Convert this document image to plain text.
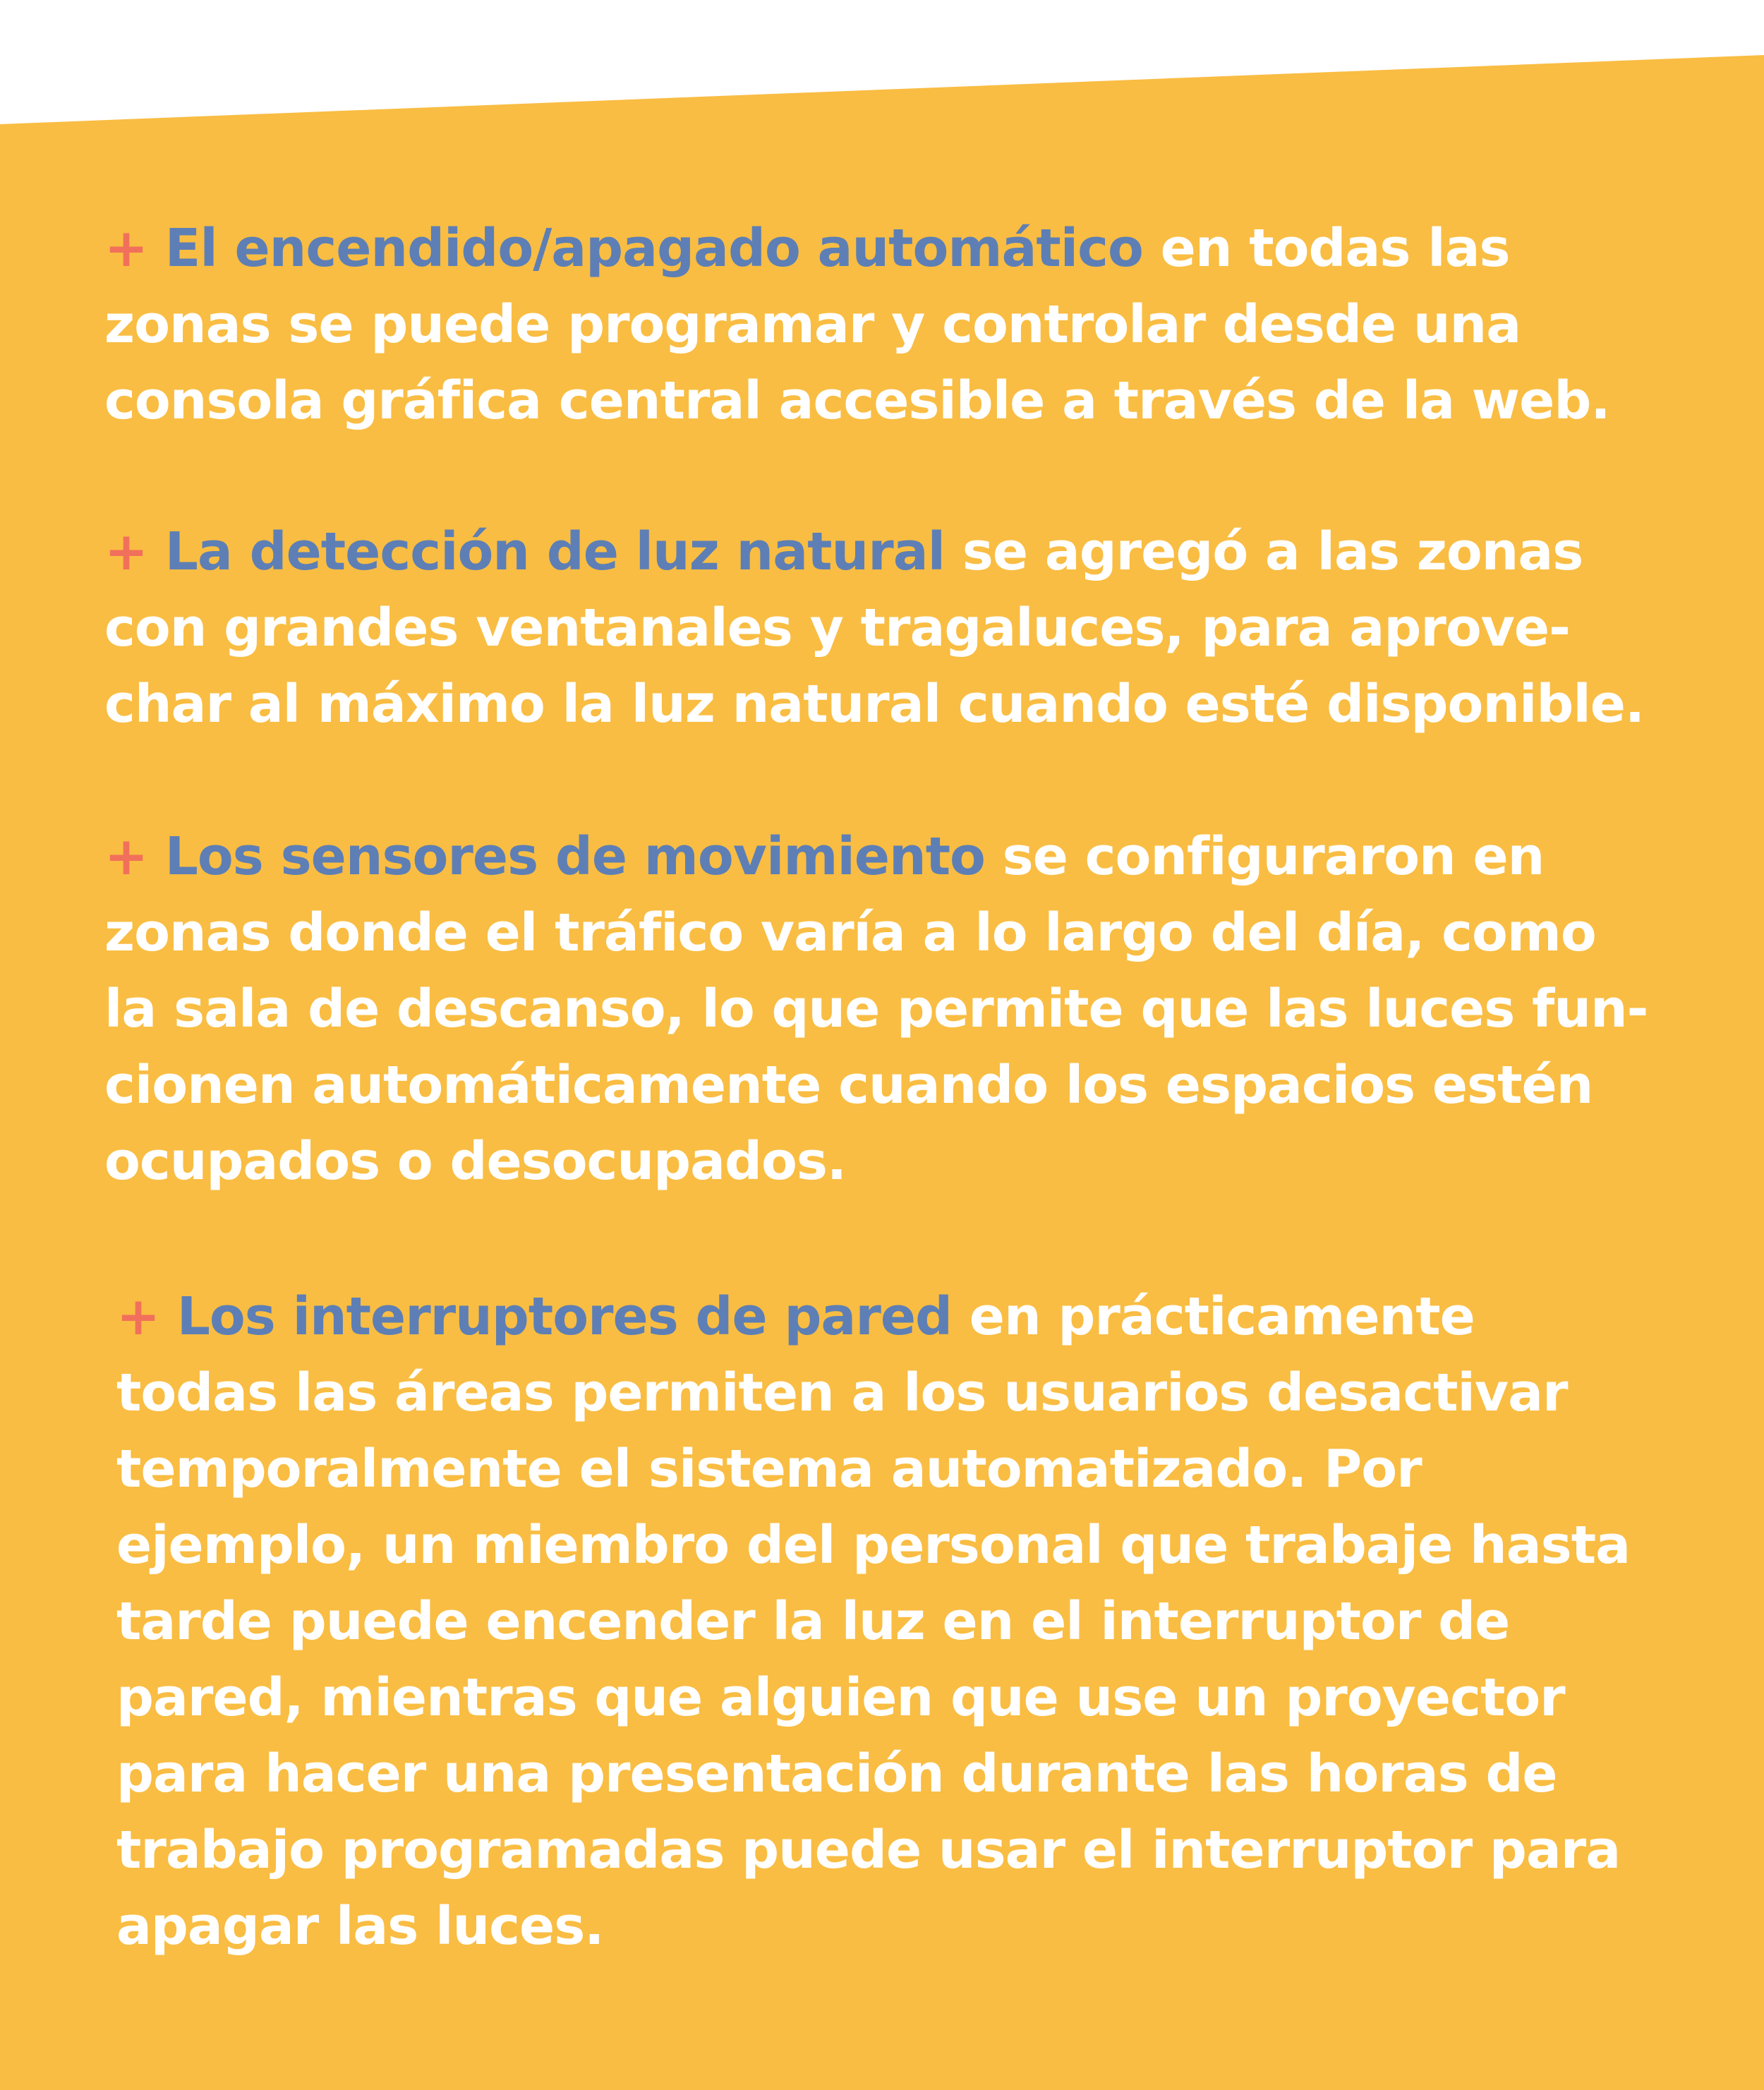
+ El encendido/apagado automático en todas las
zonas se puede programar y controlar desde una
consola gráfica central accesible a través de la web.

+ La detección de luz natural se agregó a las zonas
con grandes ventanales y tragaluces, para aprove-
char al máximo la luz natural cuando esté disponible.

+ Los sensores de movimiento se configuraron en
zonas donde el tráfico varía a lo largo del día, como
la sala de descanso, lo que permite que las luces fun-
cionen automáticamente cuando los espacios estén
ocupados o desocupados.

+ Los interruptores de pared en prácticamente
todas las áreas permiten a los usuarios desactivar
temporalmente el sistema automatizado. Por
ejemplo, un miembro del personal que trabaje hasta
tarde puede encender la luz en el interruptor de
pared, mientras que alguien que use un proyector
para hacer una presentación durante las horas de
trabajo programadas puede usar el interruptor para
apagar las luces.
